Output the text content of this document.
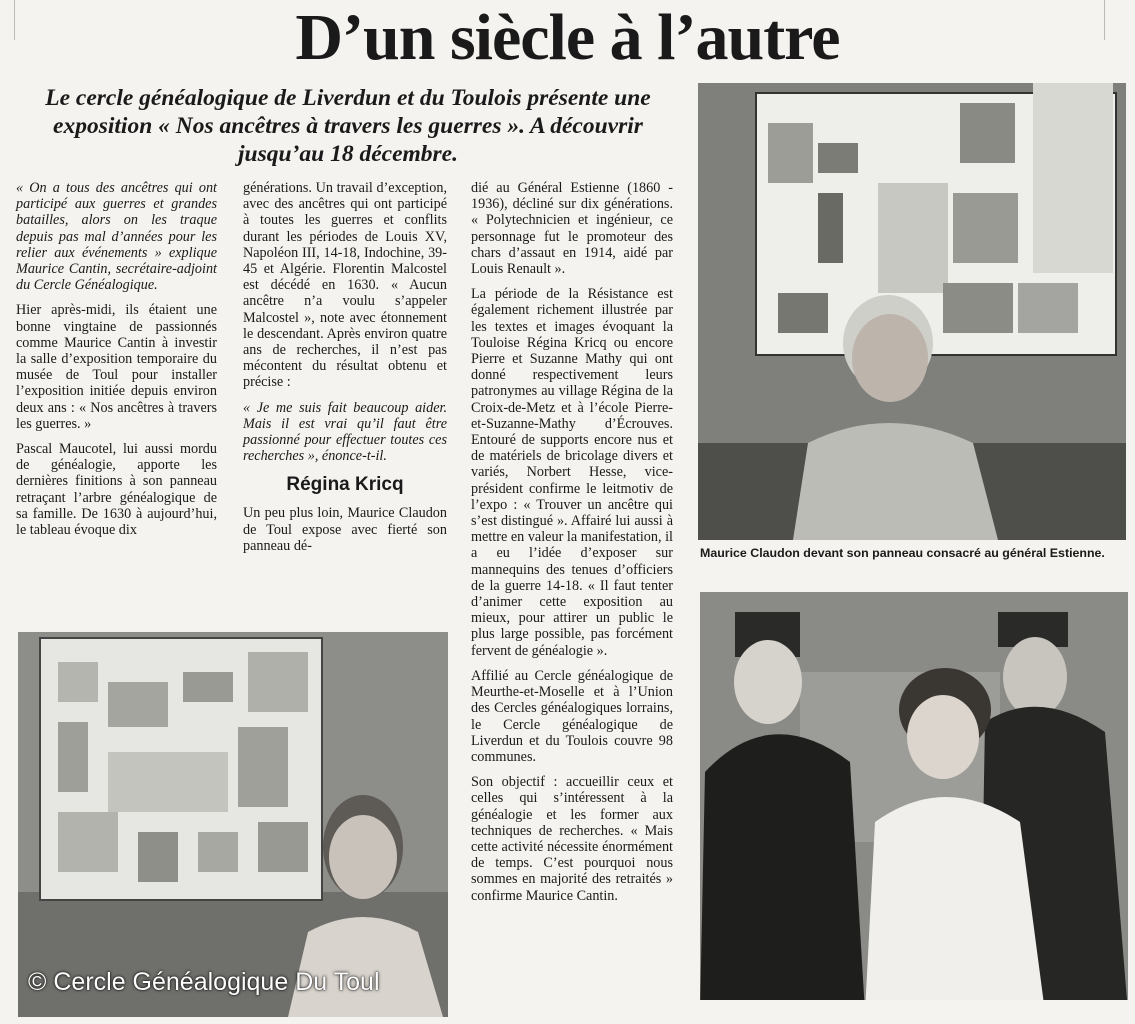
D’un siècle à l’autre
Le cercle généalogique de Liverdun et du Toulois présente une exposition « Nos ancêtres à travers les guerres ». A découvrir jusqu’au 18 décembre.

« On a tous des ancêtres qui ont participé aux guerres et grandes batailles, alors on les traque depuis pas mal d’années pour les relier aux événements » explique Maurice Cantin, secrétaire-adjoint du Cercle Généalogique.

Hier après-midi, ils étaient une bonne vingtaine de passionnés comme Maurice Cantin à investir la salle d’exposition temporaire du musée de Toul pour installer l’exposition initiée depuis environ deux ans : « Nos ancêtres à travers les guerres. »

Pascal Maucotel, lui aussi mordu de généalogie, apporte les dernières finitions à son panneau retraçant l’arbre généalogique de sa famille. De 1630 à aujourd’hui, le tableau évoque dix

générations. Un travail d’exception, avec des ancêtres qui ont participé à toutes les guerres et conflits durant les périodes de Louis XV, Napoléon III, 14-18, Indochine, 39-45 et Algérie. Florentin Malcostel est décédé en 1630. « Aucun ancêtre n’a voulu s’appeler Malcostel », note avec étonnement le descendant. Après environ quatre ans de recherches, il n’est pas mécontent du résultat obtenu et précise :

« Je me suis fait beaucoup aider. Mais il est vrai qu’il faut être passionné pour effectuer toutes ces recherches », énonce-t-il.

Régina Kricq

Un peu plus loin, Maurice Claudon de Toul expose avec fierté son panneau dé-

dié au Général Estienne (1860 - 1936), décliné sur dix générations. « Polytechnicien et ingénieur, ce personnage fut le promoteur des chars d’assaut en 1914, aidé par Louis Renault ».

La période de la Résistance est également richement illustrée par les textes et images évoquant la Touloise Régina Kricq ou encore Pierre et Suzanne Mathy qui ont donné respectivement leurs patronymes au village Régina de la Croix-de-Metz et à l’école Pierre-et-Suzanne-Mathy d’Écrouves. Entouré de supports encore nus et de matériels de bricolage divers et variés, Norbert Hesse, vice-président confirme le leitmotiv de l’expo : « Trouver un ancêtre qui s’est distingué ». Affairé lui aussi à mettre en valeur la manifestation, il a eu l’idée d’exposer sur mannequins des tenues d’officiers de la guerre 14-18. « Il faut tenter d’animer cette exposition au mieux, pour attirer un public le plus large possible, pas forcément fervent de généalogie ».

Affilié au Cercle généalogique de Meurthe-et-Moselle et à l’Union des Cercles généalogiques lorrains, le Cercle généalogique de Liverdun et du Toulois couvre 98 communes.

Son objectif : accueillir ceux et celles qui s’intéressent à la généalogie et les former aux techniques de recherches. « Mais cette activité nécessite énormément de temps. C’est pourquoi nous sommes en majorité des retraités » confirme Maurice Cantin.

Maurice Claudon devant son panneau consacré au général Estienne.
© Cercle Généalogique Du Toul
